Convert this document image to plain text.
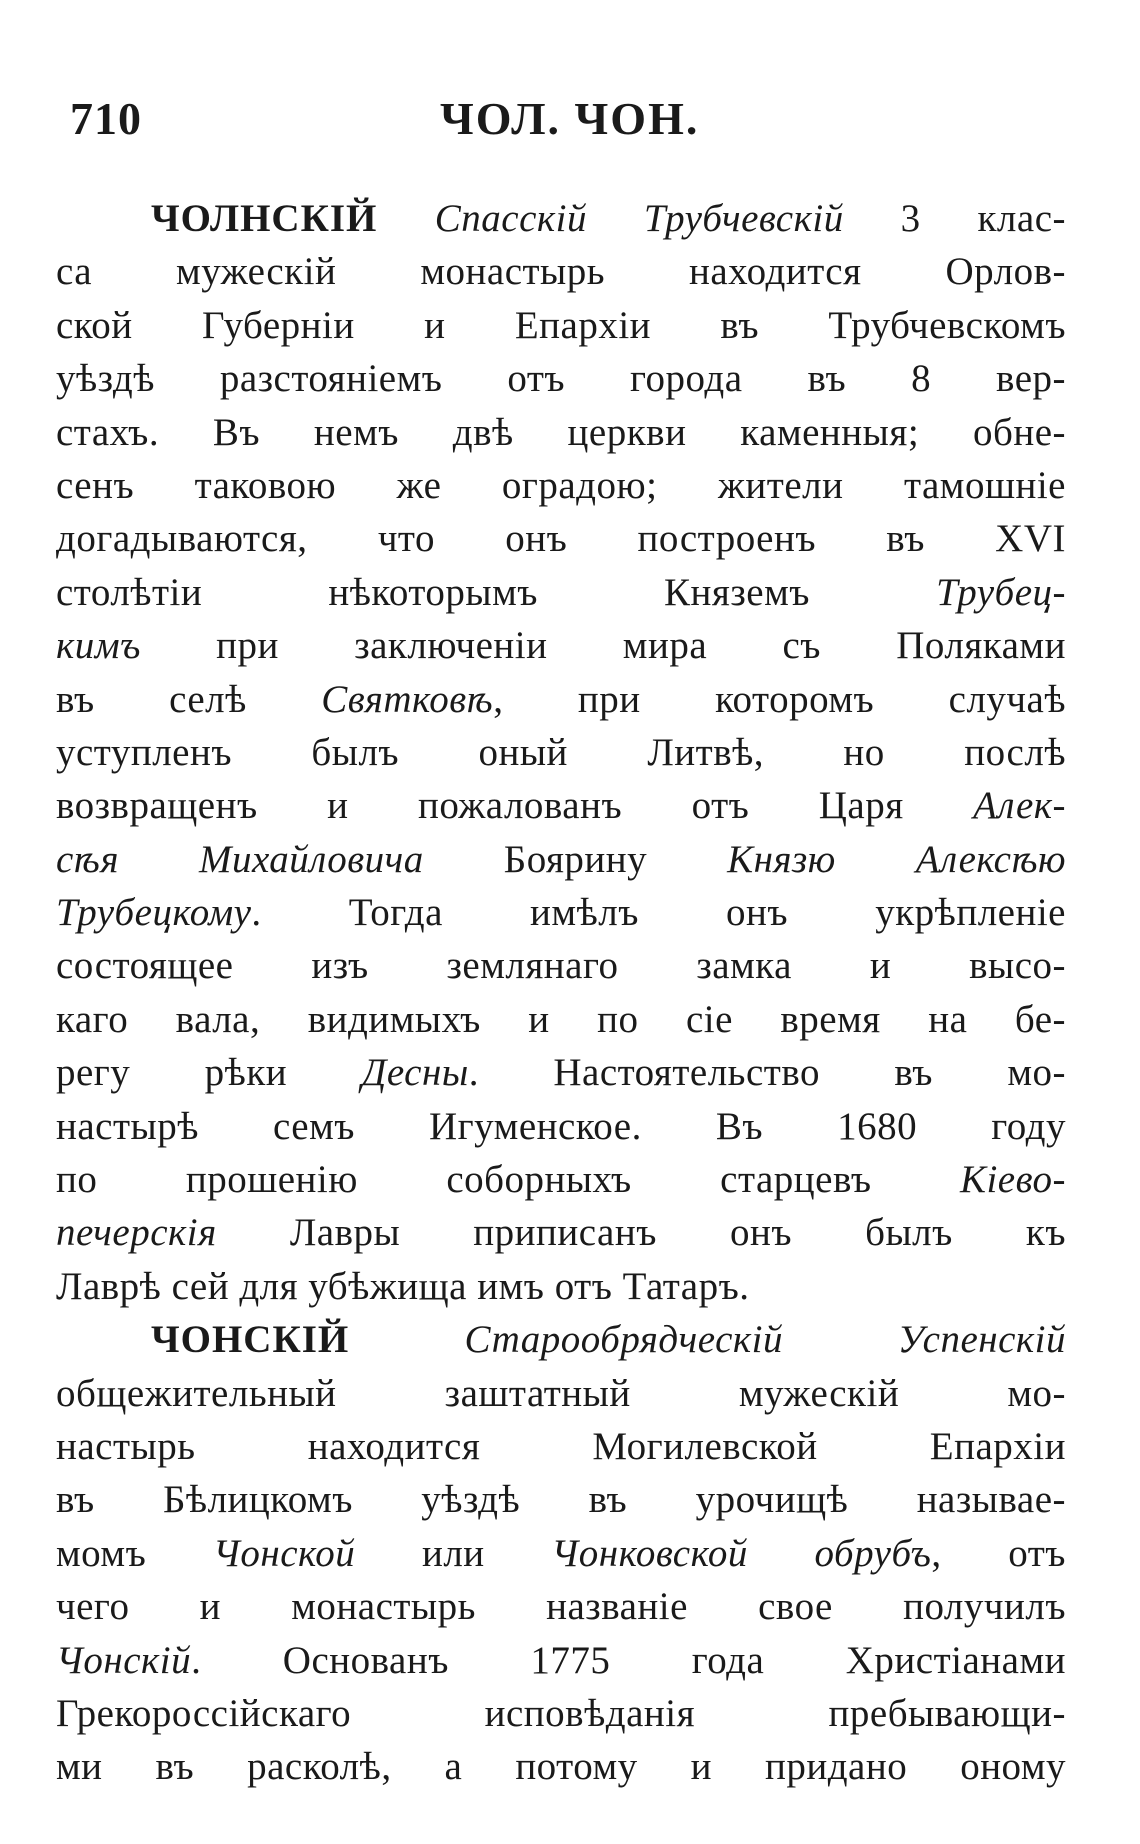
710	ЧОЛ. ЧОН.
ЧОЛНСКІЙ Спасскій Трубчевскій 3 клас-
са мужескій монастырь находится Орлов-
ской Губерніи и Епархіи въ Трубчевскомъ
уѣздѣ разстояніемъ отъ города въ 8 вер-
стахъ. Въ немъ двѣ церкви каменныя; обне-
сенъ таковою же оградою; жители тамошніе
догадываются, что онъ построенъ въ XVI
столѣтіи нѣкоторымъ Княземъ Трубец-
кимъ при заключеніи мира съ Поляками
въ селѣ Святковѣ, при которомъ случаѣ
уступленъ былъ оный Литвѣ, но послѣ
возвращенъ и пожалованъ отъ Царя Алек-
сѣя Михайловича Боярину Князю Алексѣю
Трубецкому. Тогда имѣлъ онъ укрѣпленіе
состоящее изъ землянаго замка и высо-
каго вала, видимыхъ и по сіе время на бе-
регу рѣки Десны. Настоятельство въ мо-
настырѣ семъ Игуменское. Въ 1680 году
по прошенію соборныхъ старцевъ Кіево-
печерскія Лавры приписанъ онъ былъ къ
Лаврѣ сей для убѣжища имъ отъ Татаръ.
ЧОНСКІЙ Старообрядческій Успенскій
общежительный заштатный мужескій мо-
настырь находится Могилевской Епархіи
въ Бѣлицкомъ уѣздѣ въ урочищѣ называе-
момъ Чонской или Чонковской обрубъ, отъ
чего и монастырь названіе свое получилъ
Чонскій. Основанъ 1775 года Христіанами
Грекороссійскаго исповѣданія пребывающи-
ми въ расколѣ, а потому и придано оному
